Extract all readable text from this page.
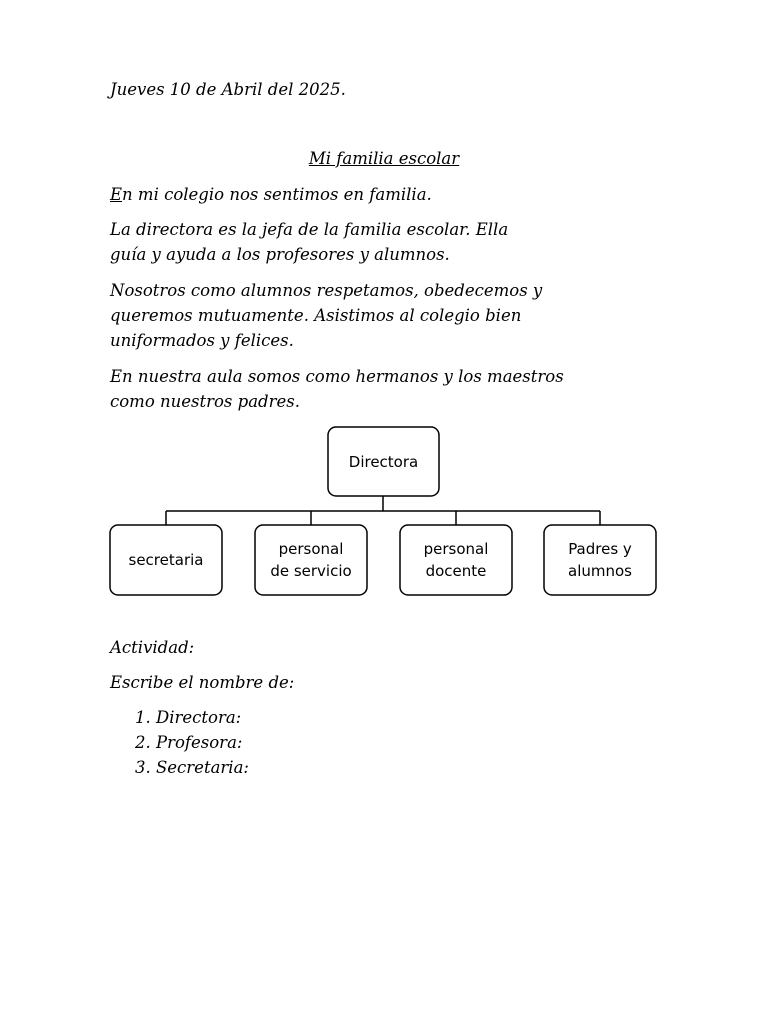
Jueves 10 de Abril del 2025.

Mi familia escolar

En mi colegio nos sentimos en familia.

La directora es la jefa de la familia escolar. Ella
guía y ayuda a los profesores y alumnos.

Nosotros como alumnos respetamos, obedecemos y
queremos mutuamente. Asistimos al colegio bien
uniformados y felices.

En nuestra aula somos como hermanos y los maestros
como nuestros padres.

Directora
secretaria
personal
de servicio
personal
docente
Padres y
alumnos

Actividad:

Escribe el nombre de:

1. Directora:
2. Profesora:
3. Secretaria:
